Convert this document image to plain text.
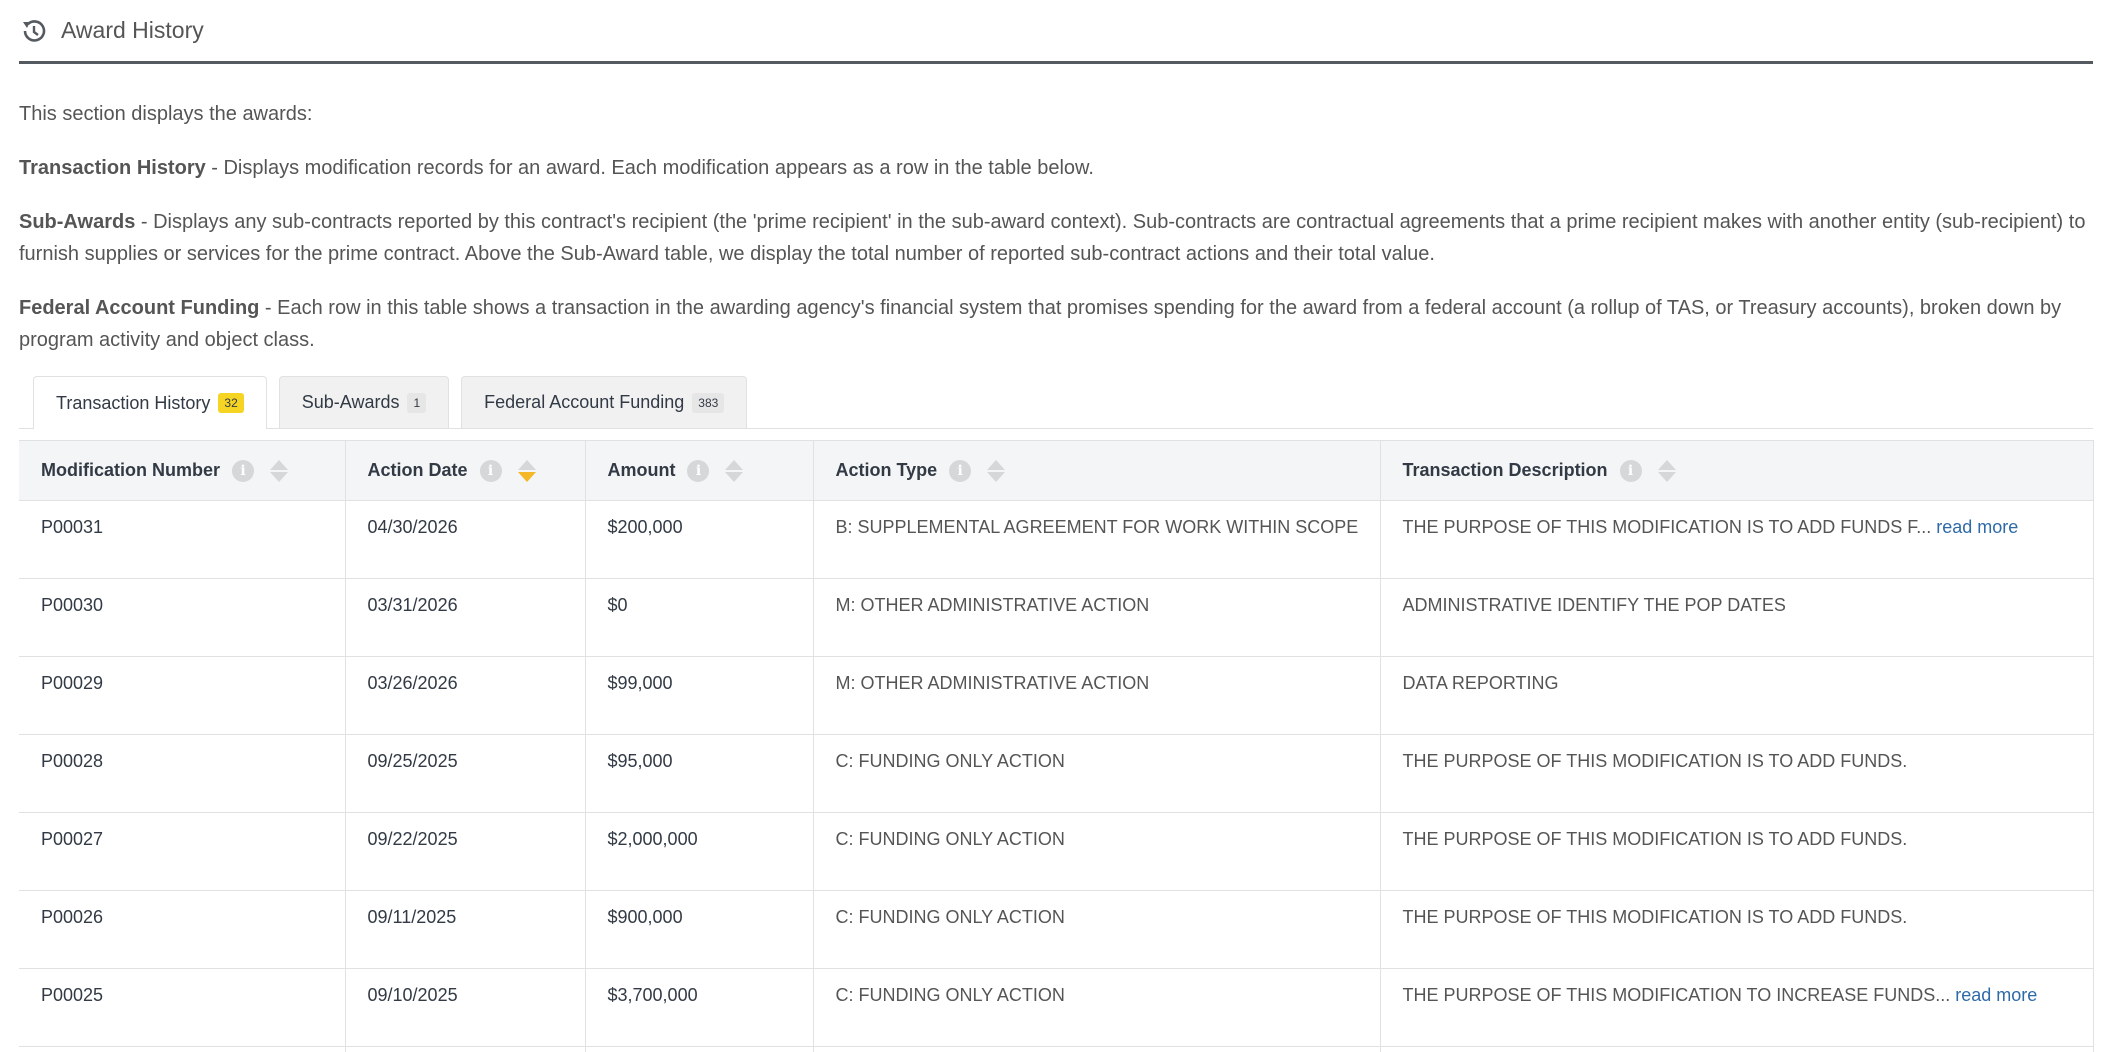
Award History

This section displays the awards:

Transaction History - Displays modification records for an award. Each modification appears as a row in the table below.

Sub-Awards - Displays any sub-contracts reported by this contract's recipient (the 'prime recipient' in the sub-award context). Sub-contracts are contractual agreements that a prime recipient makes with another entity (sub-recipient) to furnish supplies or services for the prime contract. Above the Sub-Award table, we display the total number of reported sub-contract actions and their total value.

Federal Account Funding - Each row in this table shows a transaction in the awarding agency's financial system that promises spending for the award from a federal account (a rollup of TAS, or Treasury accounts), broken down by program activity and object class.

Transaction History	32	Sub-Awards	1	Federal Account Funding	383
Modification Number i	Action Date i	Amount i	Action Type i	Transaction Description i

P00031	04/30/2026	$200,000	B: SUPPLEMENTAL AGREEMENT FOR WORK WITHIN SCOPE	THE PURPOSE OF THIS MODIFICATION IS TO ADD FUNDS F... read more
P00030	03/31/2026	$0	M: OTHER ADMINISTRATIVE ACTION	ADMINISTRATIVE IDENTIFY THE POP DATES
P00029	03/26/2026	$99,000	M: OTHER ADMINISTRATIVE ACTION	DATA REPORTING
P00028	09/25/2025	$95,000	C: FUNDING ONLY ACTION	THE PURPOSE OF THIS MODIFICATION IS TO ADD FUNDS.
P00027	09/22/2025	$2,000,000	C: FUNDING ONLY ACTION	THE PURPOSE OF THIS MODIFICATION IS TO ADD FUNDS.
P00026	09/11/2025	$900,000	C: FUNDING ONLY ACTION	THE PURPOSE OF THIS MODIFICATION IS TO ADD FUNDS.
P00025	09/10/2025	$3,700,000	C: FUNDING ONLY ACTION	THE PURPOSE OF THIS MODIFICATION TO INCREASE FUNDS... read more
